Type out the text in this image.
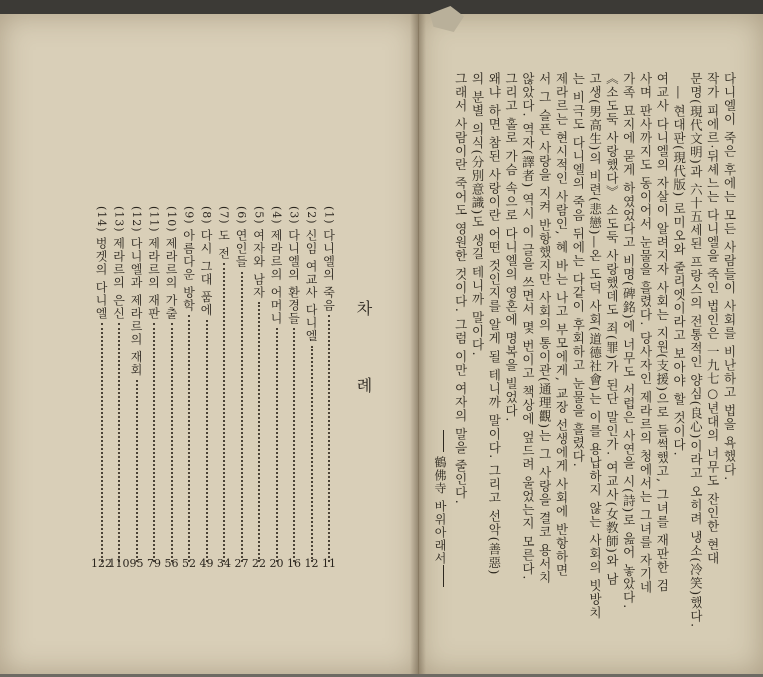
차 례
(1)
다니엘의 죽음
11
(2)
신임 여교사 다니엘
12
(3)
다니엘의 환경들
16
(4)
제라르의 어머니
20
(5)
여자와 남자
22
(6)
연인들
27
(7)
도 전
34
(8)
다시 그대 품에
49
(9)
아름다운 방학
52
(10)
제라르의 가출
56
(11)
제라르의 재판
79
(12)
다니엘과 제라르의 재회
95
(13)
제라르의 은신
110
(14)
벙겟의 다니엘
122
다니엘이 죽은 후에는 모든 사람들이 사회를 비난하고 법을 욕했다.
작가 피에르·뒤셰느는 다니엘을 죽인 법인은 一九七○년대의 너무도 잔인한 현대
문명(現代文明)과 六十五세된 프랑스의 전통적인 양심(良心)이라고 오히려 냉소(冷笑)했다.
― 현대판(現代版) 로미오와 줄리엣이라고 보아야 할 것이다.
여교사 다니엘의 자살이 알려지자 사회는 지원(支援)으로 들썩했고, 그녀를 재판한 검
사며 판사까지도 동이어서 눈물을 흘렸다. 당사자인 제라르의 청에서는 그녀를 자기네
가족 묘지에 묻게 하였었다고 비명(碑銘)에 너무도 서럽은 사연을 시(詩)로 읊어 놓았다.
《소도둑 사랑했다》 소도둑 사랑했데도 죄(罪)가 된단 말인가. 여교사(女教師)와 남
고생(男高生)의 비련(悲戀)—온 도덕 사회(道德社會)는 이를 용납하지 않는 사회의 빗방치
는 비극도 다니엘의 죽음 뒤에는 다같이 후회하고 눈물을 흘렸다.
제라르는 현시적인 사람인, 혜 바는 나고 부모에게, 교장 선생에게 사회에 반항하면
서 그 슬픈 사랑을 지켜 반항했지만 사회의 통이관(通理觀)는 그 사랑을 결코 용서치
않았다. 역자(譯者) 역시 이 글을 쓰면서 몇 번이고 책상에 엎드려 울었는지 모른다.
그리고 홀로 가슴 속으로 다니엘의 영혼에 명복을 빌었다.
왜냐 하면 참된 사랑이란 어떤 것인지를 알게 될 테니까 말이다. 그리고 선악(善惡)
의 분별 의식(分別意識)도 생길 테니까 말이다.
그래서 사람이란 죽어도 영원한 것이다. 그럼 이만 여자의 말을 줄인다.
鶴佛寺 바위아래서
